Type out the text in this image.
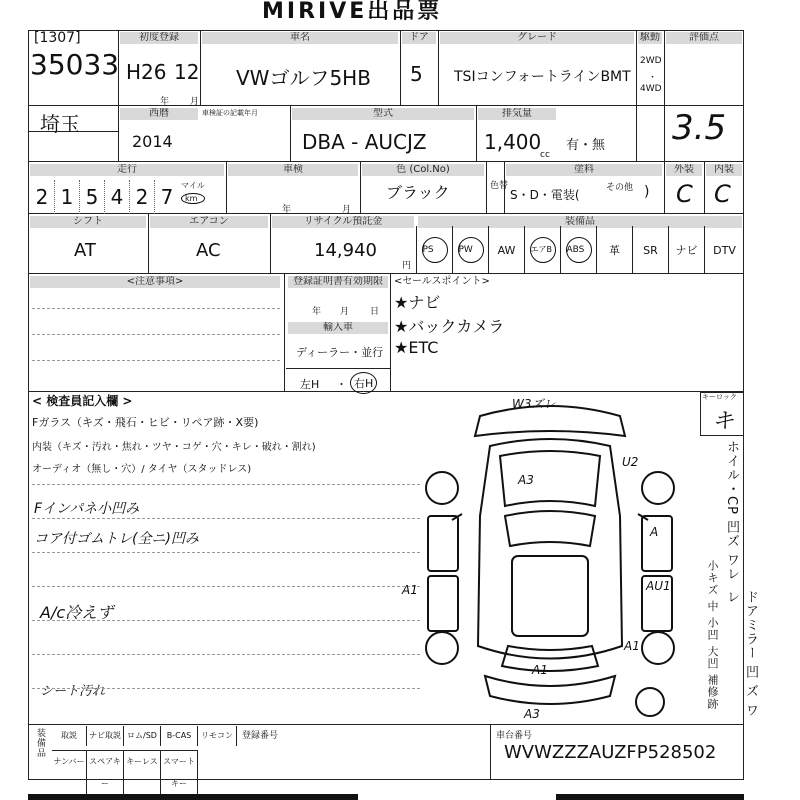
MIRIVE出品票
[1307]
35033
初度登録
H26 12
年 月
車名
VWゴルフ5HB
ドア
5
グレード
TSIコンフォートラインBMT
駆動
2WD
・
4WD
評価点
3.5
埼玉	西暦	車検証の記載年月
2014
型式
DBA - AUCJZ
排気量
1,400
cc
有・無
走行
2 1 5 4 2 7 マイル
km
車検
年	月
色 (Col.No)
ブラック	色替
塗料
S・D・電装(	その他 )
外装
C
内装
C
シフト
AT
エアコン
AC
リサイクル預託金
14,940
円
装備品
PS	PW	AW エアB	ABS	革 SR ナビ DTV
<注意事項>	登録証明書有効期限
年 月 日
輸入車
ディーラー・並行
左H ・ 右H
<セールスポイント>
★ナビ
★バックカメラ
★ETC
< 検査員記入欄 >
Fガラス（キズ・飛石・ヒビ・リペア跡・X要)
内装（キズ・汚れ・焦れ・ツヤ・コゲ・穴・キレ・破れ・割れ)
オーディオ（無し・穴）/ タイヤ（スタッドレス)
Fインパネ小凹み
コア付ゴムトレ(全ニ)凹み
A/c冷えず
シート汚れ
W3ズレ
A3
U2
A
A1	AU1
A1
A1
A3
キーロック
キ
ホイル・CP 凹ズ ワレ
小キズ 中 小凹 大凹 補修跡	ドアミラー 凹 ズ ワレ
装備品	取説	ナビ取説 ロム/SD	B-CAS	リモコン
ナンバー スペアキー
キーレス スマートキー
登録番号	車台番号
WVWZZZAUZFP528502
